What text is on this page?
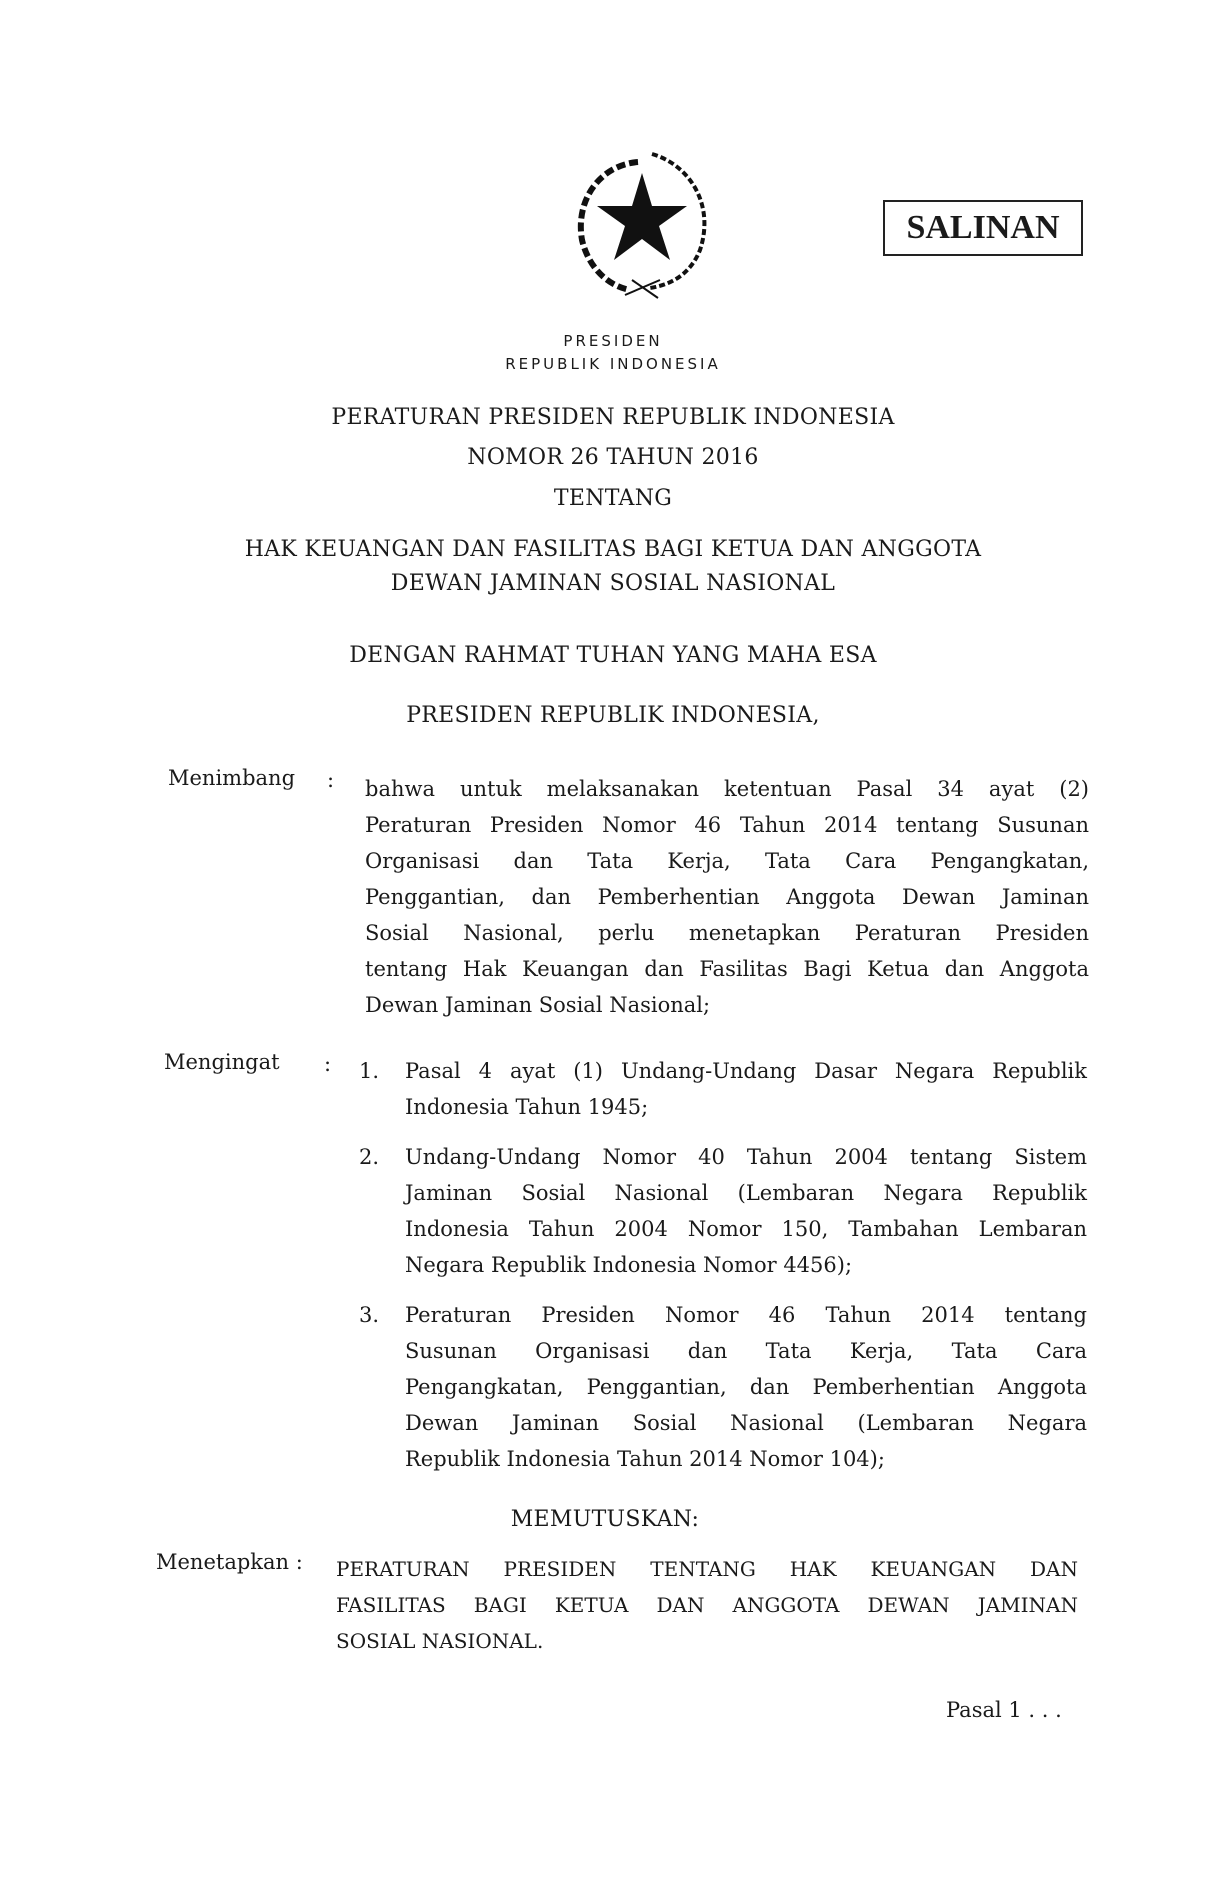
SALINAN
PRESIDEN
REPUBLIK INDONESIA
PERATURAN PRESIDEN REPUBLIK INDONESIA
NOMOR 26 TAHUN 2016
TENTANG
HAK KEUANGAN DAN FASILITAS BAGI KETUA DAN ANGGOTA
DEWAN JAMINAN SOSIAL NASIONAL
DENGAN RAHMAT TUHAN YANG MAHA ESA
PRESIDEN REPUBLIK INDONESIA,
Menimbang : bahwa untuk melaksanakan ketentuan Pasal 34 ayat (2)
Peraturan Presiden Nomor 46 Tahun 2014 tentang Susunan
Organisasi dan Tata Kerja, Tata Cara Pengangkatan,
Penggantian, dan Pemberhentian Anggota Dewan Jaminan
Sosial Nasional, perlu menetapkan Peraturan Presiden
tentang Hak Keuangan dan Fasilitas Bagi Ketua dan Anggota
Dewan Jaminan Sosial Nasional;
Mengingat : 1. Pasal 4 ayat (1) Undang-Undang Dasar Negara Republik
Indonesia Tahun 1945;
2. Undang-Undang Nomor 40 Tahun 2004 tentang Sistem
Jaminan Sosial Nasional (Lembaran Negara Republik
Indonesia Tahun 2004 Nomor 150, Tambahan Lembaran
Negara Republik Indonesia Nomor 4456);
3. Peraturan Presiden Nomor 46 Tahun 2014 tentang
Susunan Organisasi dan Tata Kerja, Tata Cara
Pengangkatan, Penggantian, dan Pemberhentian Anggota
Dewan Jaminan Sosial Nasional (Lembaran Negara
Republik Indonesia Tahun 2014 Nomor 104);
MEMUTUSKAN:
Menetapkan : PERATURAN PRESIDEN TENTANG HAK KEUANGAN DAN
FASILITAS BAGI KETUA DAN ANGGOTA DEWAN JAMINAN
SOSIAL NASIONAL.
Pasal 1 . . .
